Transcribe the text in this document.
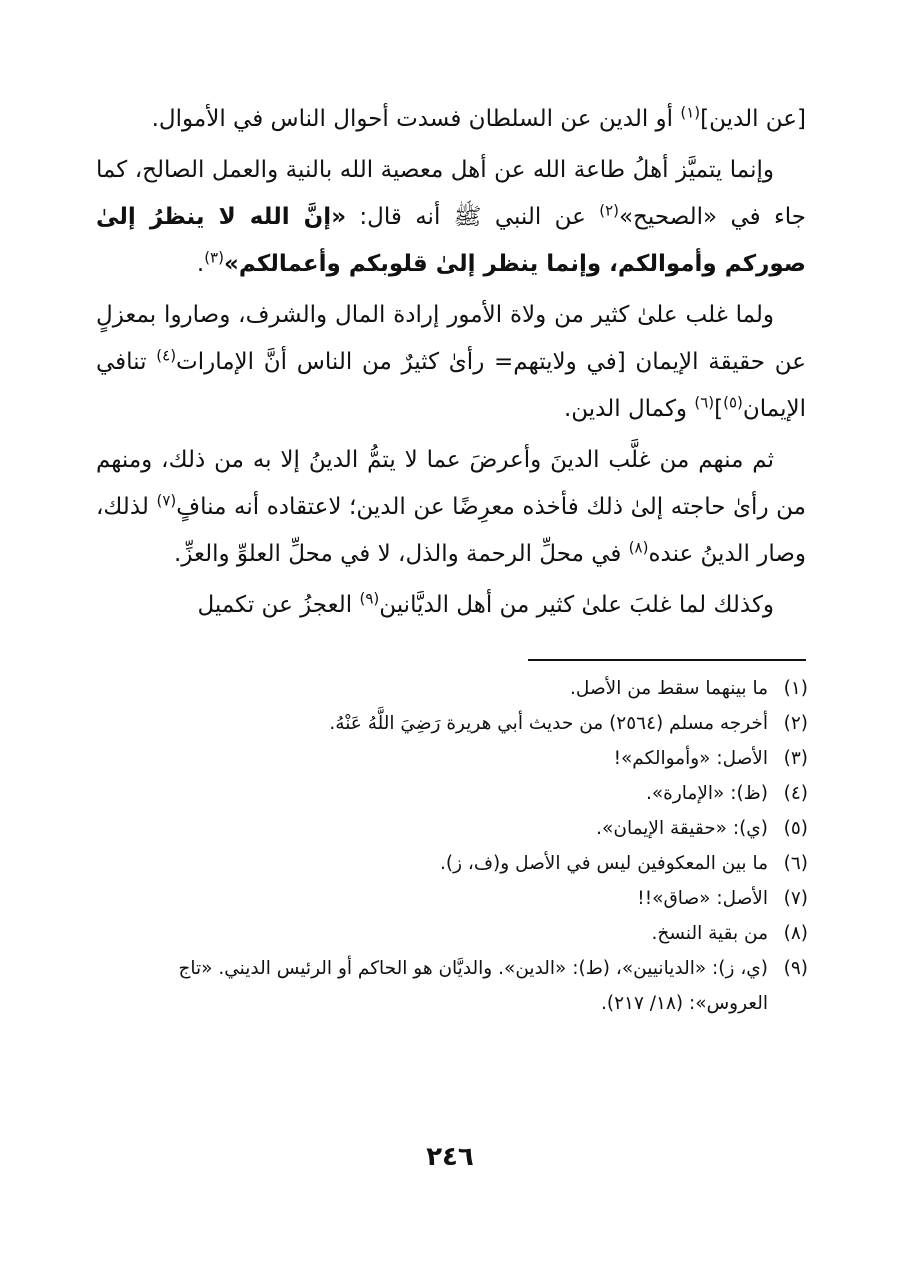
[عن الدين]$^{(١)}$ أو الدين عن السلطان فسدت أحوال الناس في الأموال.

وإنما يتميَّز أهلُ طاعة الله عن أهل معصية الله بالنية والعمل الصالح، كما جاء في «الصحيح»$^{(٢)}$ عن النبي ﷺ أنه قال: «إنَّ الله لا ينظرُ إلىٰ صوركم وأموالكم، وإنما ينظر إلىٰ قلوبكم وأعمالكم»$^{(٣)}$.

ولما غلب علىٰ كثير من ولاة الأمور إرادة المال والشرف، وصاروا بمعزلٍ عن حقيقة الإيمان [في ولايتهم= رأىٰ كثيرٌ من الناس أنَّ الإمارات$^{(٤)}$ تنافي الإيمان$^{(٥)}$]$^{(٦)}$ وكمال الدين.

ثم منهم من غلَّب الدينَ وأعرضَ عما لا يتمُّ الدينُ إلا به من ذلك، ومنهم من رأىٰ حاجته إلىٰ ذلك فأخذه معرِضًا عن الدين؛ لاعتقاده أنه منافٍ$^{(٧)}$ لذلك، وصار الدينُ عنده$^{(٨)}$ في محلِّ الرحمة والذل، لا في محلِّ العلوِّ والعزِّ.

وكذلك لما غلبَ علىٰ كثير من أهل الديَّانين$^{(٩)}$ العجزُ عن تكميل

(١)
ما بينهما سقط من الأصل.
(٢)
أخرجه مسلم (٢٥٦٤) من حديث أبي هريرة رَضِيَ اللَّهُ عَنْهُ.
(٣)
الأصل: «وأموالكم»!
(٤)
(ظ): «الإمارة».
(٥)
(ي): «حقيقة الإيمان».
(٦)
ما بين المعكوفين ليس في الأصل و(ف، ز).
(٧)
الأصل: «صاق»!!
(٨)
من بقية النسخ.
(٩)
(ي، ز): «الديانيين»، (ط): «الدين». والديَّان هو الحاكم أو الرئيس الديني. «تاج العروس»: (١٨/ ٢١٧).
٢٤٦
